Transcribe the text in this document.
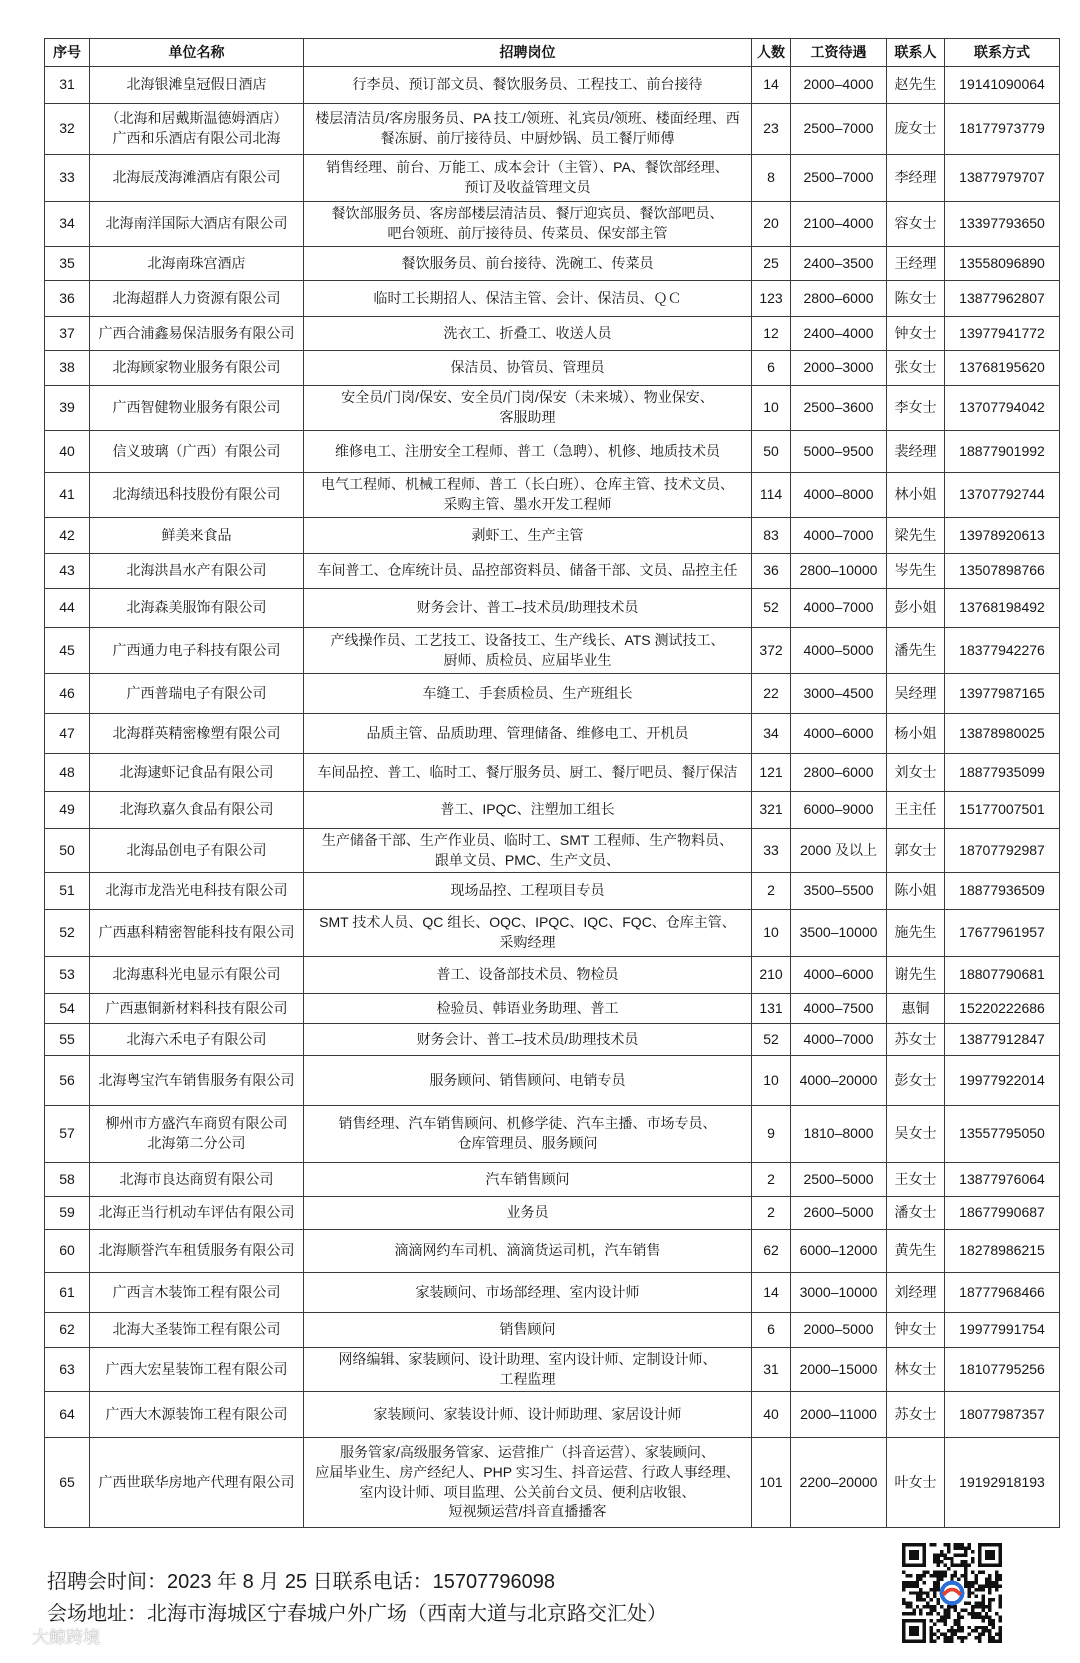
序号	单位名称	招聘岗位	人数	工资待遇	联系人	联系方式
31	北海银滩皇冠假日酒店	行李员、预订部文员、餐饮服务员、工程技工、前台接待	14	2000–4000	赵先生	19141090064
32	（北海和居戴斯温德姆酒店）
广西和乐酒店有限公司北海	楼层清洁员/客房服务员、PA 技工/领班、礼宾员/领班、楼面经理、西
餐冻厨、前厅接待员、中厨炒锅、员工餐厅师傅	23	2500–7000	庞女士	18177973779
33	北海辰茂海滩酒店有限公司	销售经理、前台、万能工、成本会计（主管）、PA、餐饮部经理、
预订及收益管理文员	8	2500–7000	李经理	13877979707
34	北海南洋国际大酒店有限公司	餐饮部服务员、客房部楼层清洁员、餐厅迎宾员、餐饮部吧员、
吧台领班、前厅接待员、传菜员、保安部主管	20	2100–4000	容女士	13397793650
35	北海南珠宫酒店	餐饮服务员、前台接待、洗碗工、传菜员	25	2400–3500	王经理	13558096890
36	北海超群人力资源有限公司	临时工长期招人、保洁主管、会计、保洁员、ＱＣ	123	2800–6000	陈女士	13877962807
37	广西合浦鑫易保洁服务有限公司	洗衣工、折叠工、收送人员	12	2400–4000	钟女士	13977941772
38	北海顾家物业服务有限公司	保洁员、协管员、管理员	6	2000–3000	张女士	13768195620
39	广西智健物业服务有限公司	安全员/门岗/保安、安全员/门岗/保安（未来城）、物业保安、
客服助理	10	2500–3600	李女士	13707794042
40	信义玻璃（广西）有限公司	维修电工、注册安全工程师、普工（急聘）、机修、地质技术员	50	5000–9500	裴经理	18877901992
41	北海绩迅科技股份有限公司	电气工程师、机械工程师、普工（长白班）、仓库主管、技术文员、
采购主管、墨水开发工程师	114	4000–8000	林小姐	13707792744
42	鲜美来食品	剥虾工、生产主管	83	4000–7000	梁先生	13978920613
43	北海洪昌水产有限公司	车间普工、仓库统计员、品控部资料员、储备干部、文员、品控主任	36	2800–10000	岑先生	13507898766
44	北海森美服饰有限公司	财务会计、普工–技术员/助理技术员	52	4000–7000	彭小姐	13768198492
45	广西通力电子科技有限公司	产线操作员、工艺技工、设备技工、生产线长、ATS 测试技工、
厨师、质检员、应届毕业生	372	4000–5000	潘先生	18377942276
46	广西普瑞电子有限公司	车缝工、手套质检员、生产班组长	22	3000–4500	吴经理	13977987165
47	北海群英精密橡塑有限公司	品质主管、品质助理、管理储备、维修电工、开机员	34	4000–6000	杨小姐	13878980025
48	北海逮虾记食品有限公司	车间品控、普工、临时工、餐厅服务员、厨工、餐厅吧员、餐厅保洁	121	2800–6000	刘女士	18877935099
49	北海玖嘉久食品有限公司	普工、IPQC、注塑加工组长	321	6000–9000	王主任	15177007501
50	北海品创电子有限公司	生产储备干部、生产作业员、临时工、SMT 工程师、生产物料员、
跟单文员、PMC、生产文员、	33	2000 及以上	郭女士	18707792987
51	北海市龙浩光电科技有限公司	现场品控、工程项目专员	2	3500–5500	陈小姐	18877936509
52	广西惠科精密智能科技有限公司	SMT 技术人员、QC 组长、OQC、IPQC、IQC、FQC、仓库主管、
采购经理	10	3500–10000	施先生	17677961957
53	北海惠科光电显示有限公司	普工、设备部技术员、物检员	210	4000–6000	谢先生	18807790681
54	广西惠铜新材料科技有限公司	检验员、韩语业务助理、普工	131	4000–7500	惠铜	15220222686
55	北海六禾电子有限公司	财务会计、普工–技术员/助理技术员	52	4000–7000	苏女士	13877912847
56	北海粤宝汽车销售服务有限公司	服务顾问、销售顾问、电销专员	10	4000–20000	彭女士	19977922014
57	柳州市方盛汽车商贸有限公司
北海第二分公司	销售经理、汽车销售顾问、机修学徒、汽车主播、市场专员、
仓库管理员、服务顾问	9	1810–8000	吴女士	13557795050
58	北海市良达商贸有限公司	汽车销售顾问	2	2500–5000	王女士	13877976064
59	北海正当行机动车评估有限公司	业务员	2	2600–5000	潘女士	18677990687
60	北海顺誉汽车租赁服务有限公司	滴滴网约车司机、滴滴货运司机，汽车销售	62	6000–12000	黄先生	18278986215
61	广西言木装饰工程有限公司	家装顾问、市场部经理、室内设计师	14	3000–10000	刘经理	18777968466
62	北海大圣装饰工程有限公司	销售顾问	6	2000–5000	钟女士	19977991754
63	广西大宏星装饰工程有限公司	网络编辑、家装顾问、设计助理、室内设计师、定制设计师、
工程监理	31	2000–15000	林女士	18107795256
64	广西大木源装饰工程有限公司	家装顾问、家装设计师、设计师助理、家居设计师	40	2000–11000	苏女士	18077987357
65	广西世联华房地产代理有限公司	服务管家/高级服务管家、运营推广（抖音运营）、家装顾问、
应届毕业生、房产经纪人、PHP 实习生、抖音运营、行政人事经理、
室内设计师、项目监理、公关前台文员、便利店收银、
短视频运营/抖音直播播客	101	2200–20000	叶女士	19192918193
招聘会时间：2023 年 8 月 25 日联系电话：15707796098
会场地址：北海市海城区宁春城户外广场（西南大道与北京路交汇处）
大鲸跨境
